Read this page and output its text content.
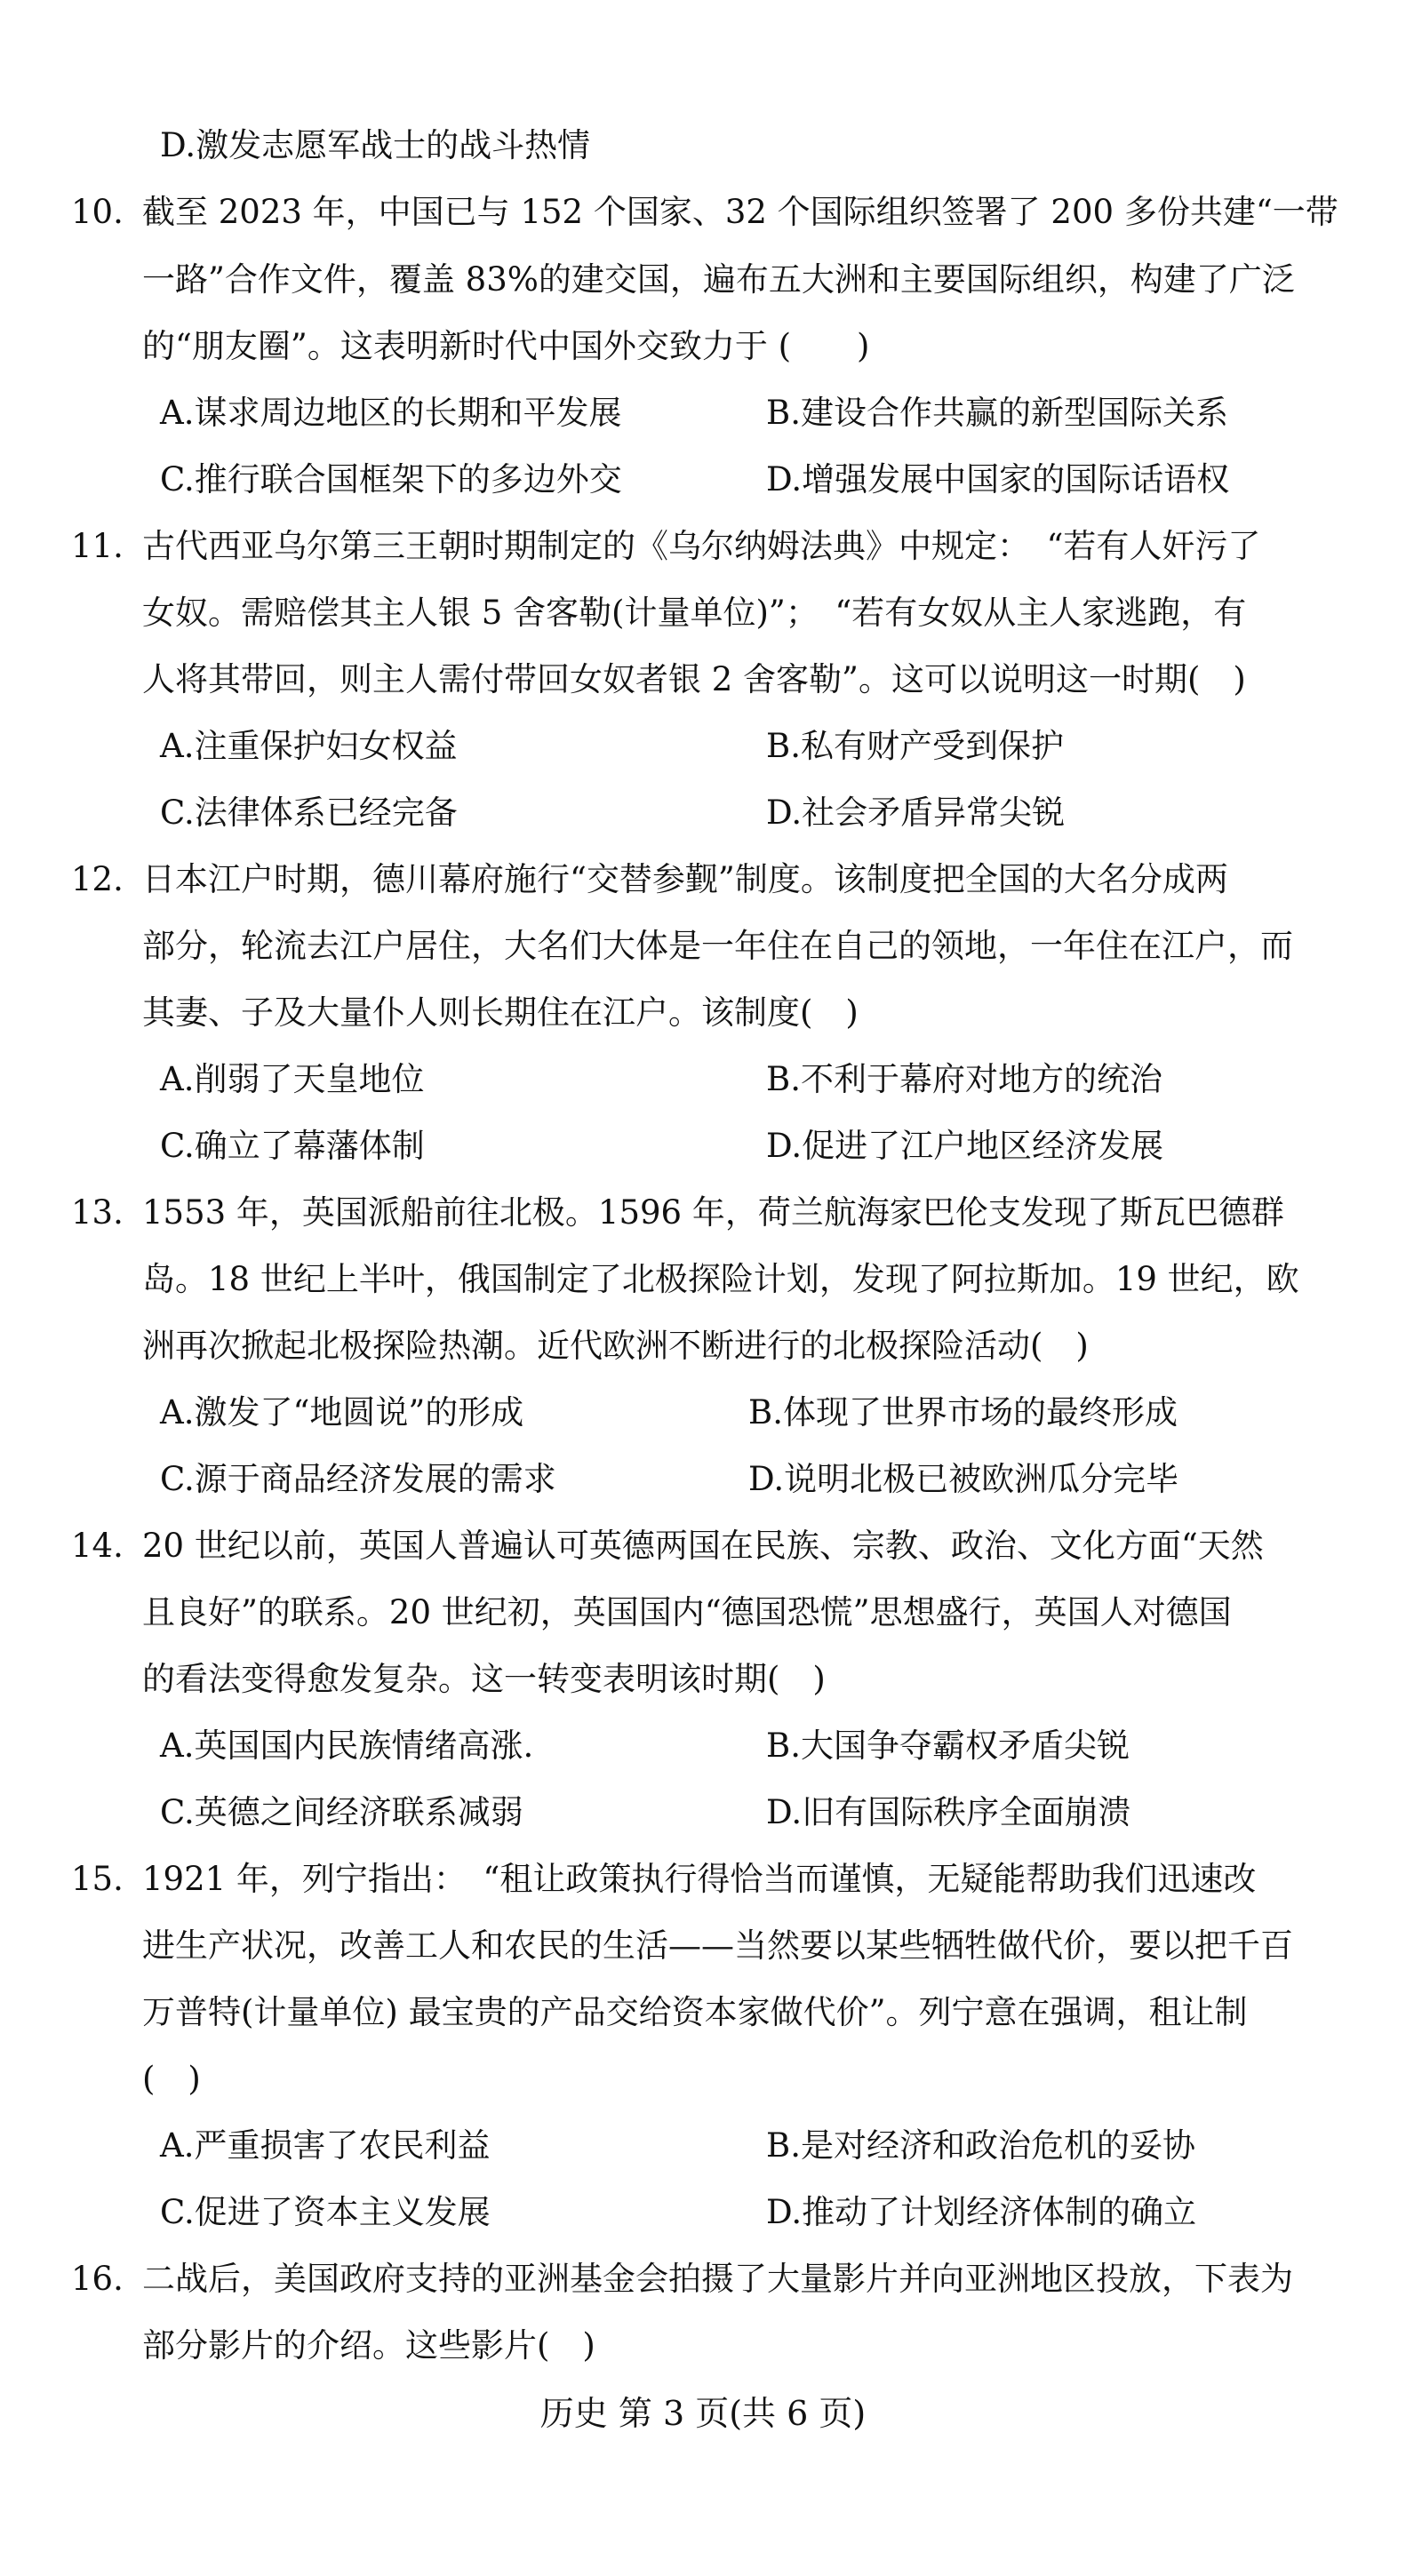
D.激发志愿军战士的战斗热情
10. 截至 2023 年，中国已与 152 个国家、32 个国际组织签署了 200 多份共建“一带
一路”合作文件，覆盖 83%的建交国，遍布五大洲和主要国际组织，构建了广泛
的“朋友圈”。这表明新时代中国外交致力于 (　　)
A.谋求周边地区的长期和平发展	B.建设合作共赢的新型国际关系
C.推行联合国框架下的多边外交	D.增强发展中国家的国际话语权
11. 古代西亚乌尔第三王朝时期制定的《乌尔纳姆法典》中规定：　“若有人奸污了
女奴。需赔偿其主人银 5 舍客勒(计量单位)”；　“若有女奴从主人家逃跑，有
人将其带回，则主人需付带回女奴者银 2 舍客勒”。这可以说明这一时期(　)
A.注重保护妇女权益	B.私有财产受到保护
C.法律体系已经完备	D.社会矛盾异常尖锐
12. 日本江户时期，德川幕府施行“交替参觐”制度。该制度把全国的大名分成两
部分，轮流去江户居住，大名们大体是一年住在自己的领地，一年住在江户，而
其妻、子及大量仆人则长期住在江户。该制度(　)
A.削弱了天皇地位	B.不利于幕府对地方的统治
C.确立了幕藩体制	D.促进了江户地区经济发展
13. 1553 年，英国派船前往北极。1596 年，荷兰航海家巴伦支发现了斯瓦巴德群
岛。18 世纪上半叶，俄国制定了北极探险计划，发现了阿拉斯加。19 世纪，欧
洲再次掀起北极探险热潮。近代欧洲不断进行的北极探险活动(　)
A.激发了“地圆说”的形成	B.体现了世界市场的最终形成
C.源于商品经济发展的需求	D.说明北极已被欧洲瓜分完毕
14. 20 世纪以前，英国人普遍认可英德两国在民族、宗教、政治、文化方面“天然
且良好”的联系。20 世纪初，英国国内“德国恐慌”思想盛行，英国人对德国
的看法变得愈发复杂。这一转变表明该时期(　)
A.英国国内民族情绪高涨.	B.大国争夺霸权矛盾尖锐
C.英德之间经济联系减弱	D.旧有国际秩序全面崩溃
15. 1921 年，列宁指出：　“租让政策执行得恰当而谨慎，无疑能帮助我们迅速改
进生产状况，改善工人和农民的生活——当然要以某些牺牲做代价，要以把千百
万普特(计量单位) 最宝贵的产品交给资本家做代价”。列宁意在强调，租让制
(　)
A.严重损害了农民利益	B.是对经济和政治危机的妥协
C.促进了资本主义发展	D.推动了计划经济体制的确立
16. 二战后，美国政府支持的亚洲基金会拍摄了大量影片并向亚洲地区投放，下表为
部分影片的介绍。这些影片(　)
历史 第 3 页(共 6 页)
